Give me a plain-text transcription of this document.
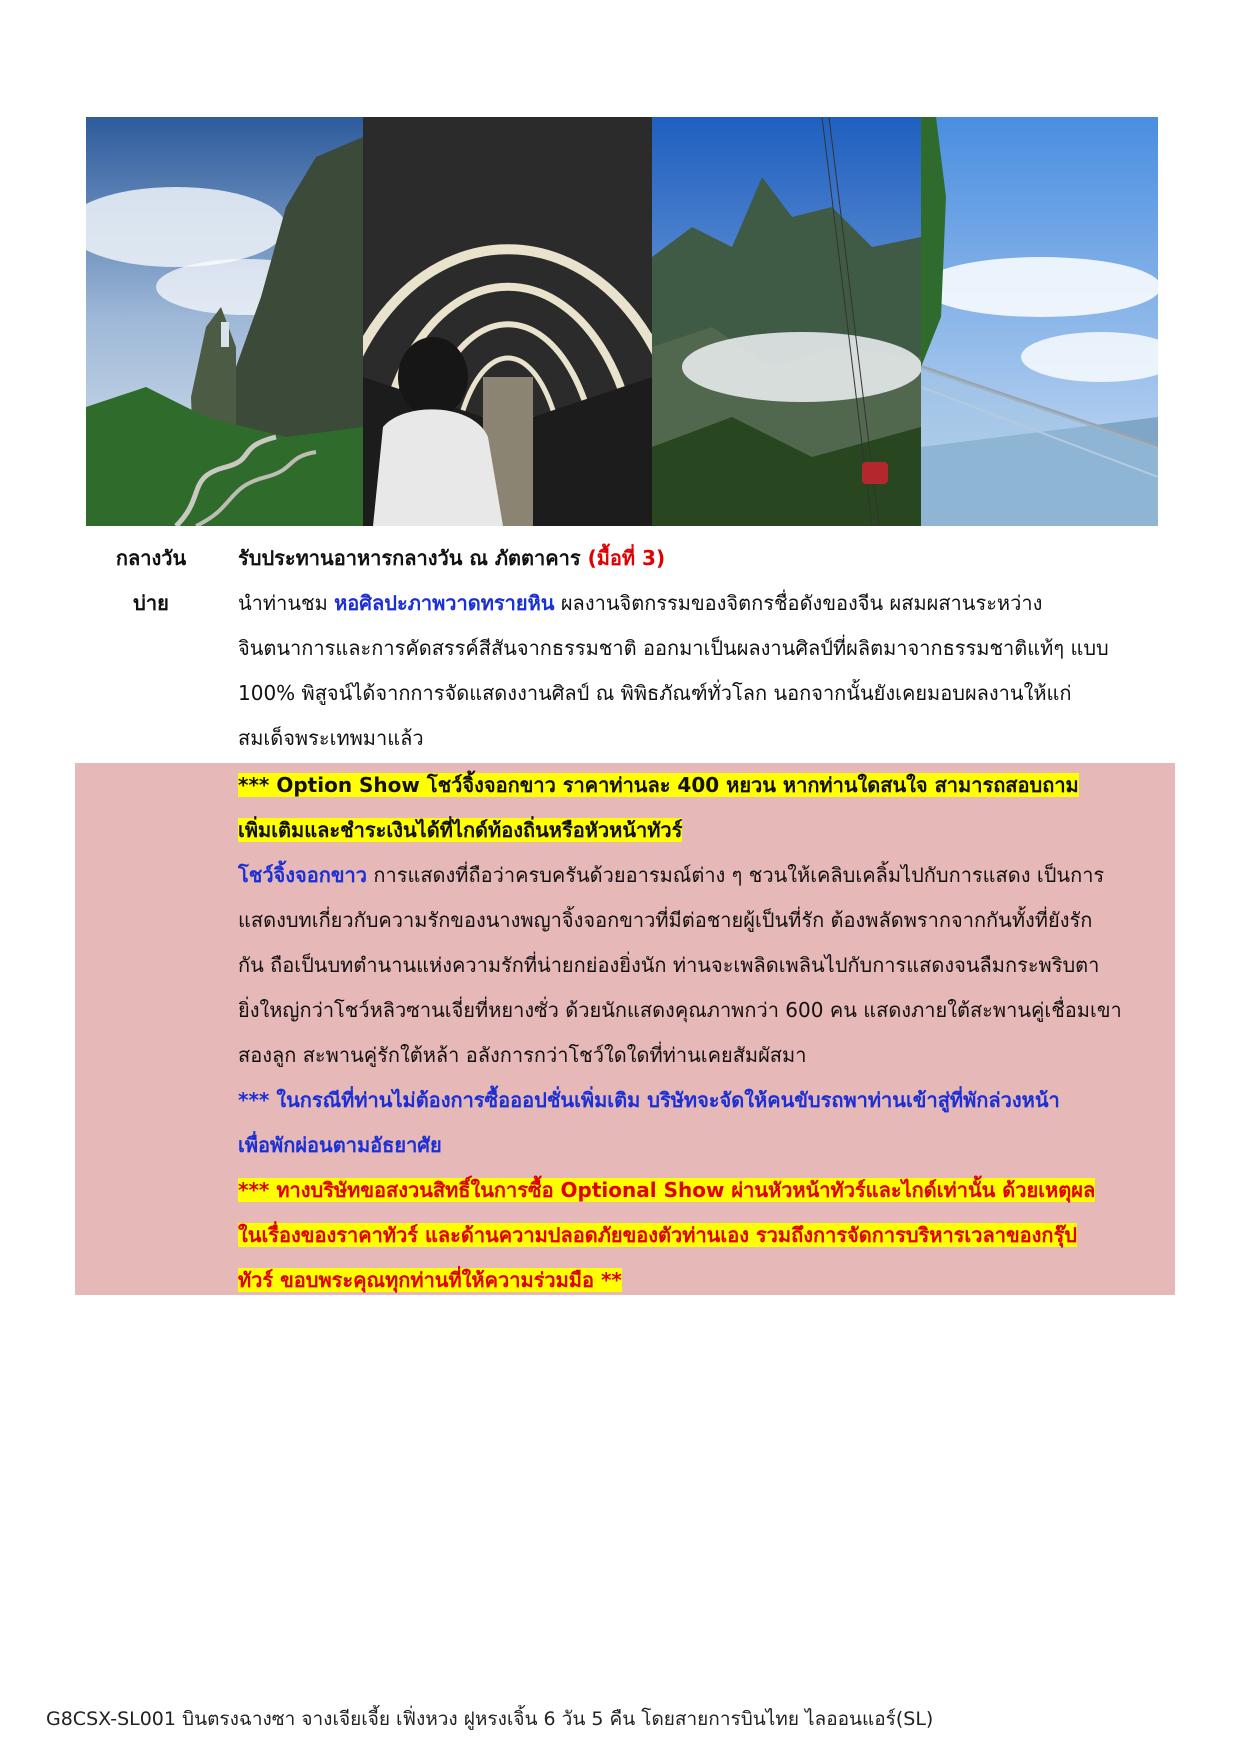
กลางวัน	รับประทานอาหารกลางวัน ณ ภัตตาคาร (มื้อที่ 3)
บ่าย	นำท่านชม หอศิลปะภาพวาดทรายหิน ผลงานจิตกรรมของจิตกรชื่อดังของจีน ผสมผสานระหว่าง
จินตนาการและการคัดสรรค์สีสันจากธรรมชาติ ออกมาเป็นผลงานศิลป์ที่ผลิตมาจากธรรมชาติแท้ๆ แบบ
100% พิสูจน์ได้จากการจัดแสดงงานศิลป์ ณ พิพิธภัณฑ์ทั่วโลก นอกจากนั้นยังเคยมอบผลงานให้แก่
สมเด็จพระเทพมาแล้ว
*** Option Show โชว์จิ้งจอกขาว ราคาท่านละ 400 หยวน หากท่านใดสนใจ สามารถสอบถาม
เพิ่มเติมและชำระเงินได้ที่ไกด์ท้องถิ่นหรือหัวหน้าทัวร์
โชว์จิ้งจอกขาว การแสดงที่ถือว่าครบครันด้วยอารมณ์ต่าง ๆ ชวนให้เคลิบเคลิ้มไปกับการแสดง เป็นการ
แสดงบทเกี่ยวกับความรักของนางพญาจิ้งจอกขาวที่มีต่อชายผู้เป็นที่รัก ต้องพลัดพรากจากกันทั้งที่ยังรัก
กัน ถือเป็นบทตำนานแห่งความรักที่น่ายกย่องยิ่งนัก ท่านจะเพลิดเพลินไปกับการแสดงจนลืมกระพริบตา
ยิ่งใหญ่กว่าโชว์หลิวซานเจี่ยที่หยางซั่ว ด้วยนักแสดงคุณภาพกว่า 600 คน แสดงภายใต้สะพานคู่เชื่อมเขา
สองลูก สะพานคู่รักใต้หล้า อลังการกว่าโชว์ใดใดที่ท่านเคยสัมผัสมา
*** ในกรณีที่ท่านไม่ต้องการซื้อออปชั่นเพิ่มเติม บริษัทจะจัดให้คนขับรถพาท่านเข้าสู่ที่พักล่วงหน้า
เพื่อพักผ่อนตามอัธยาศัย
*** ทางบริษัทขอสงวนสิทธิ์ในการซื้อ Optional Show ผ่านหัวหน้าทัวร์และไกด์เท่านั้น ด้วยเหตุผล
ในเรื่องของราคาทัวร์ และด้านความปลอดภัยของตัวท่านเอง รวมถึงการจัดการบริหารเวลาของกรุ๊ป
ทัวร์ ขอบพระคุณทุกท่านที่ให้ความร่วมมือ **
G8CSX-SL001 บินตรงฉางซา จางเจียเจี้ย เฟิ่งหวง ฝูหรงเจิ้น 6 วัน 5 คืน โดยสายการบินไทย ไลออนแอร์(SL)
